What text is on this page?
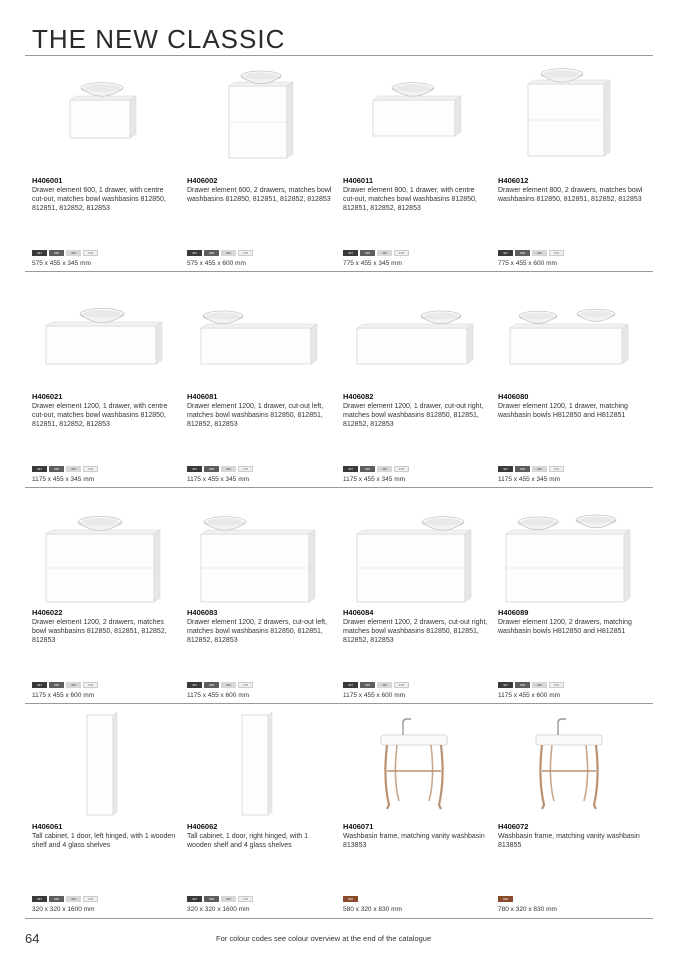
THE NEW CLASSIC
H406001
Drawer element 600, 1 drawer, with centre cut-out, matches bowl washbasins 812850, 812851, 812852, 812853
437	028	480	170
575 x 455 x 345 mm
H406002
Drawer element 600, 2 drawers, matches bowl washbasins 812850, 812851, 812852, 812853
437	028	480	170
575 x 455 x 600 mm
H406011
Drawer element 800, 1 drawer, with centre cut-out, matches bowl washbasins 812850, 812851, 812852, 812853
437	028	480	170
775 x 455 x 345 mm
H406012
Drawer element 800, 2 drawers, matches bowl washbasins 812850, 812851, 812852, 812853
437	028	480	170
775 x 455 x 600 mm
H406021
Drawer element 1200, 1 drawer, with centre cut-out, matches bowl washbasins 812850, 812851, 812852, 812853
437	028	480	170
1175 x 455 x 345 mm
H406081
Drawer element 1200, 1 drawer, cut-out left, matches bowl washbasins 812850, 812851, 812852, 812853
437	028	480	170
1175 x 455 x 345 mm
H406082
Drawer element 1200, 1 drawer, cut-out right, matches bowl washbasins 812850, 812851, 812852, 812853
437	028	480	170
1175 x 455 x 345 mm
H406080
Drawer element 1200, 1 drawer, matching washbasin bowls H812850 and H812851
437	028	480	170
1175 x 455 x 345 mm
H406022
Drawer element 1200, 2 drawers, matches bowl washbasins 812850, 812851, 812852, 812853
437	028	480	170
1175 x 455 x 600 mm
H406083
Drawer element 1200, 2 drawers, cut-out left, matches bowl washbasins 812850, 812851, 812852, 812853
437	028	480	170
1175 x 455 x 600 mm
H406084
Drawer element 1200, 2 drawers, cut-out right, matches bowl washbasins 812850, 812851, 812852, 812853
437	028	480	170
1175 x 455 x 600 mm
H406089
Drawer element 1200, 2 drawers, matching washbasin bowls H812850 and H812851
437	028	480	170
1175 x 455 x 600 mm
H406061
Tall cabinet, 1 door, left hinged, with 1 wooden shelf and 4 glass shelves
437	028	480	170
320 x 320 x 1600 mm
H406062
Tall cabinet, 1 door, right hinged, with 1 wooden shelf and 4 glass shelves
437	028	480	170
320 x 320 x 1600 mm
H406071
Washbasin frame, matching vanity washbasin 813853
026
580 x 320 x 830 mm
H406072
Washbasin frame, matching vanity washbasin 813855
026
780 x 320 x 830 mm
64	For colour codes see colour overview at the end of the catalogue
